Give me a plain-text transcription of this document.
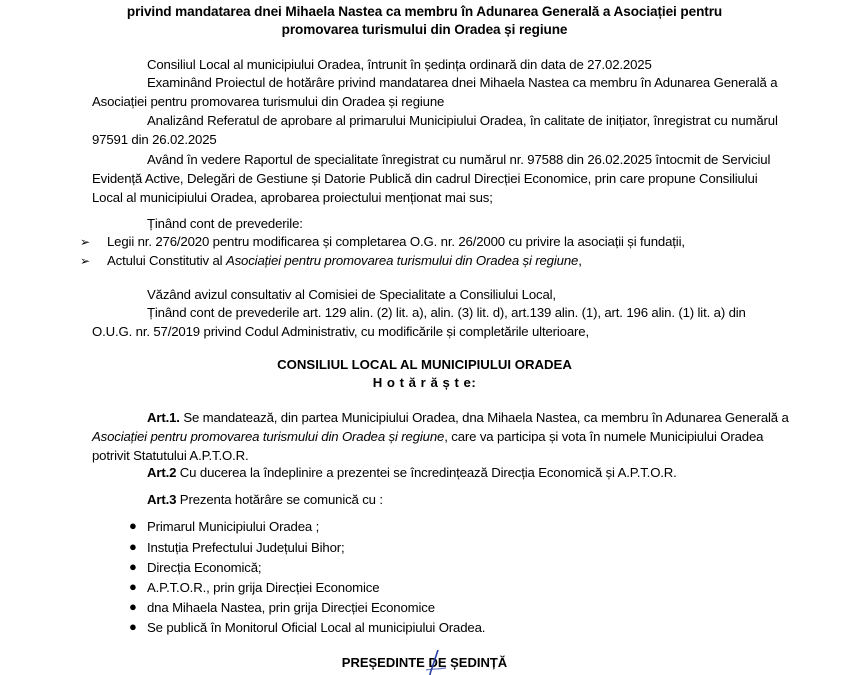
privind mandatarea dnei Mihaela Nastea ca membru în Adunarea Generală a Asociației pentru
promovarea turismului din Oradea și regiune
Consiliul Local al municipiului Oradea, întrunit în ședința ordinară din data de 27.02.2025
Examinând Proiectul de hotărâre privind mandatarea dnei Mihaela Nastea ca membru în Adunarea Generală a
Asociației pentru promovarea turismului din Oradea și regiune
Analizând Referatul de aprobare al primarului Municipiului Oradea, în calitate de inițiator, înregistrat cu numărul
97591 din 26.02.2025
Având în vedere Raportul de specialitate înregistrat cu numărul nr. 97588 din 26.02.2025 întocmit de Serviciul
Evidență Active, Delegări de Gestiune și Datorie Publică din cadrul Direcției Economice, prin care propune Consiliului
Local al municipiului Oradea, aprobarea proiectului menționat mai sus;
Ținând cont de prevederile:
➢ Legii nr. 276/2020 pentru modificarea și completarea O.G. nr. 26/2000 cu privire la asociații și fundații,
➢ Actului Constitutiv al Asociației pentru promovarea turismului din Oradea și regiune,
Văzând avizul consultativ al Comisiei de Specialitate a Consiliului Local,
Ținând cont de prevederile art. 129 alin. (2) lit. a), alin. (3) lit. d), art.139 alin. (1), art. 196 alin. (1) lit. a) din
O.U.G. nr. 57/2019 privind Codul Administrativ, cu modificările și completările ulterioare,
CONSILIUL LOCAL AL MUNICIPIULUI ORADEA
H o t ă r ă ș t e:
Art.1. Se mandatează, din partea Municipiului Oradea, dna Mihaela Nastea, ca membru în Adunarea Generală a
Asociației pentru promovarea turismului din Oradea și regiune, care va participa și vota în numele Municipiului Oradea
potrivit Statutului A.P.T.O.R.
Art.2 Cu ducerea la îndeplinire a prezentei se încredințează Direcția Economică și A.P.T.O.R.
Art.3 Prezenta hotărâre se comunică cu :
● Primarul Municipiului Oradea ;
● Instuția Prefectului Județului Bihor;
● Direcția Economică;
● A.P.T.O.R., prin grija Direcției Economice
● dna Mihaela Nastea, prin grija Direcției Economice
● Se publică în Monitorul Oficial Local al municipiului Oradea.
PREȘEDINTE DE ȘEDINȚĂ
